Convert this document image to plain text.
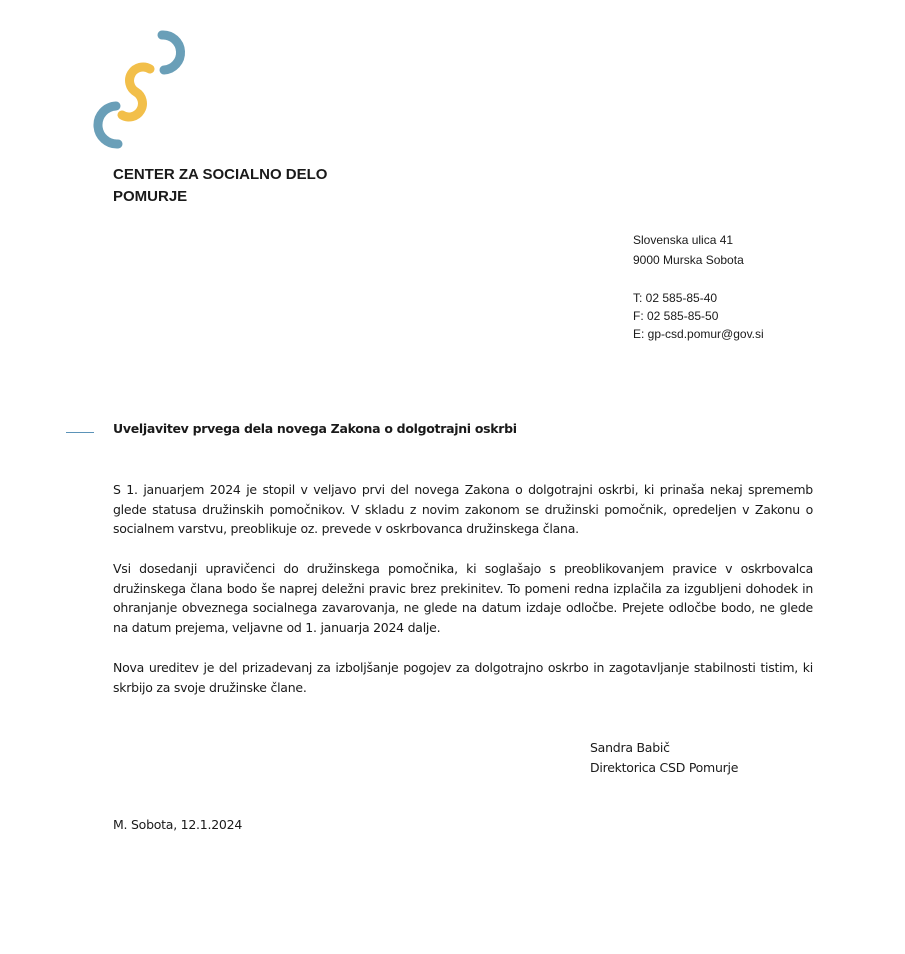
CENTER ZA SOCIALNO DELO
POMURJE
Slovenska ulica 41
9000 Murska Sobota
T: 02 585-85-40
F: 02 585-85-50
E: gp-csd.pomur@gov.si
Uveljavitev prvega dela novega Zakona o dolgotrajni oskrbi
S 1. januarjem 2024 je stopil v veljavo prvi del novega Zakona o dolgotrajni oskrbi, ki prinaša nekaj sprememb glede statusa družinskih pomočnikov. V skladu z novim zakonom se družinski pomočnik, opredeljen v Zakonu o socialnem varstvu, preoblikuje oz. prevede v oskrbovanca družinskega člana.
Vsi dosedanji upravičenci do družinskega pomočnika, ki soglašajo s preoblikovanjem pravice v oskrbovalca družinskega člana bodo še naprej deležni pravic brez prekinitev. To pomeni redna izplačila za izgubljeni dohodek in ohranjanje obveznega socialnega zavarovanja, ne glede na datum izdaje odločbe. Prejete odločbe bodo, ne glede na datum prejema, veljavne od 1. januarja 2024 dalje.
Nova ureditev je del prizadevanj za izboljšanje pogojev za dolgotrajno oskrbo in zagotavljanje stabilnosti tistim, ki skrbijo za svoje družinske člane.
Sandra Babič
Direktorica CSD Pomurje
M. Sobota, 12.1.2024
